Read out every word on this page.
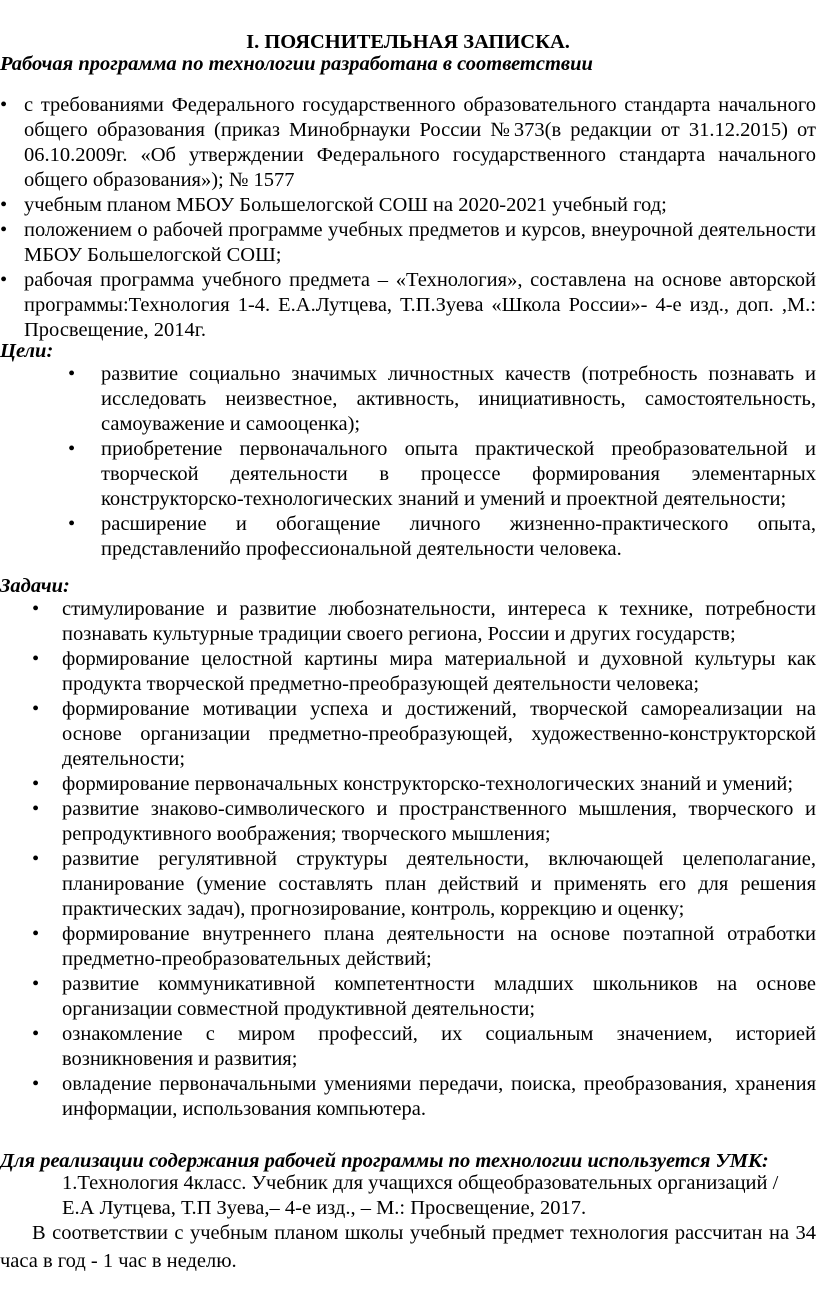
I. ПОЯСНИТЕЛЬНАЯ ЗАПИСКА.
Рабочая программа по технологии разработана в соответствии
• с требованиями Федерального государственного образовательного стандарта начального общего образования (приказ Минобрнауки России №373(в редакции от 31.12.2015) от 06.10.2009г. «Об утверждении Федерального государственного стандарта начального общего образования»); № 1577
• учебным планом МБОУ Большелогской СОШ на 2020-2021 учебный год;
• положением о рабочей программе учебных предметов и курсов, внеурочной деятельности МБОУ Большелогской СОШ;
• рабочая программа учебного предмета – «Технология», составлена на основе авторской программы:Технология 1-4. Е.А.Лутцева, Т.П.Зуева «Школа России»- 4-е изд., доп. ,М.: Просвещение, 2014г.
Цели:
• развитие социально значимых личностных качеств (потребность познавать и исследовать неизвестное, активность, инициативность, самостоятельность, самоуважение и самооценка);
• приобретение первоначального опыта практической преобразовательной и творческой деятельности в процессе формирования элементарных конструкторско-технологических знаний и умений и проектной деятельности;
• расширение и обогащение личного жизненно-практического опыта, представленийо профессиональной деятельности человека.
Задачи:
• стимулирование и развитие любознательности, интереса к технике, потребности познавать культурные традиции своего региона, России и других государств;
• формирование целостной картины мира материальной и духовной культуры как продукта творческой предметно-преобразующей деятельности человека;
• формирование мотивации успеха и достижений, творческой самореализации на основе организации предметно-преобразующей, художественно-конструкторской деятельности;
• формирование первоначальных конструкторско-технологических знаний и умений;
• развитие знаково-символического и пространственного мышления, творческого и репродуктивного воображения; творческого мышления;
• развитие регулятивной структуры деятельности, включающей целеполагание, планирование (умение составлять план действий и применять его для решения практических задач), прогнозирование, контроль, коррекцию и оценку;
• формирование внутреннего плана деятельности на основе поэтапной отработки предметно-преобразовательных действий;
• развитие коммуникативной компетентности младших школьников на основе организации совместной продуктивной деятельности;
• ознакомление с миром профессий, их социальным значением, историей возникновения и развития;
• овладение первоначальными умениями передачи, поиска, преобразования, хранения информации, использования компьютера.
Для реализации содержания рабочей программы по технологии используется УМК:
1.Технология 4класс. Учебник для учащихся общеобразовательных организаций /Е.А Лутцева, Т.П Зуева,– 4-е изд., – М.: Просвещение, 2017.
В соответствии с учебным планом школы учебный предмет технология рассчитан на 34 часа в год - 1 час в неделю.
